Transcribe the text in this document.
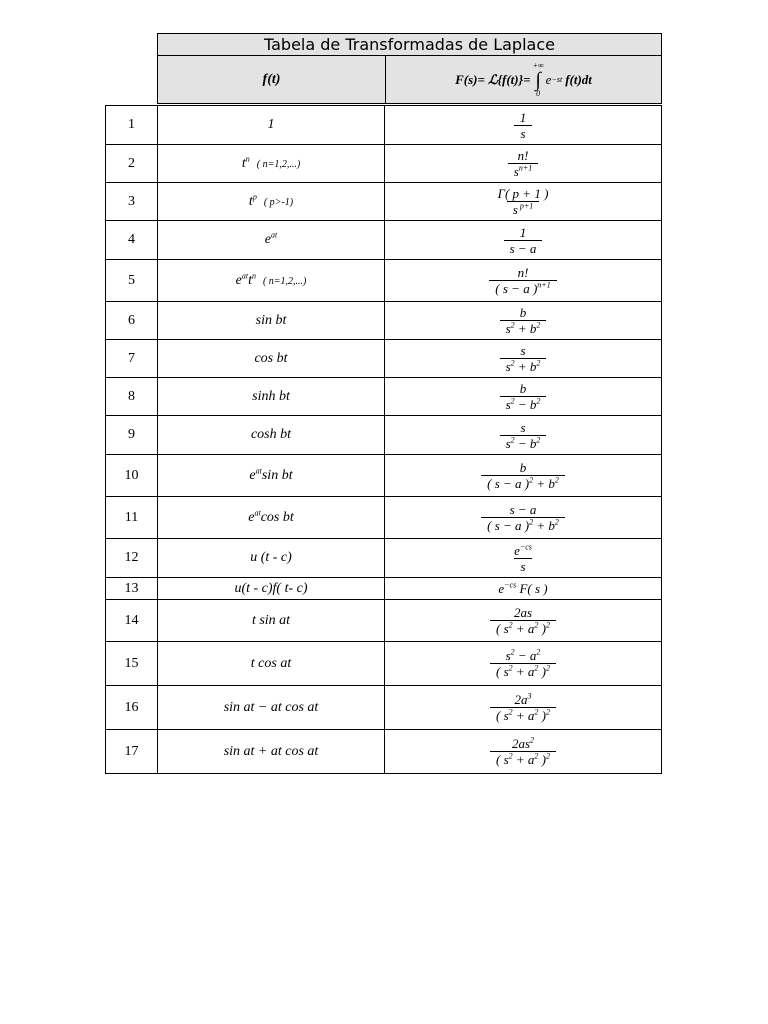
Tabela de Transformadas de Laplace
f(t)	F(s)= ℒ{f(t)}=
+∞
∫
0
e −st f(t)dt
1	1	$\frac{1}{s}$

2	$t^n$  ( n=1,2,...)	$\frac{n!}{s^{n+1}}$

3	$t^p$  ( p>-1)	$\frac{\Gamma( p + 1 )}{s ^{p+1}}$

4	$e^{at}$	$\frac{1}{s - a}$

5	$e^{at}t^n$  ( n=1,2,...)	$\frac{n!}{( s - a )^{n+1}}$

6	sin bt	$\frac{b}{s^2 + b^2}$

7	cos bt	$\frac{s}{s^2 + b^2}$

8	sinh bt	$\frac{b}{s^2 - b^2}$

9	cosh bt	$\frac{s}{s^2 - b^2}$

10	$e^{at}\sin$ bt	$\frac{b}{( s - a )^2 + b^2}$

11	$e^{at}\cos$ bt	$\frac{s - a}{( s - a )^2 + b^2}$

12	u (t - c)	$\frac{e^{-cs}}{s}$

13	u(t - c)f( t- c)	$e^{-cs}$ F( s )
14	t sin at	$\frac{2as}{( s^2 + a^2 )^2}$

15	t cos at	$\frac{s^2 - a^2}{( s^2 + a^2 )^2}$

16	sin at − at cos at	$\frac{2a^3}{( s^2 + a^2 )^2}$

17	sin at + at cos at	$\frac{2as^2}{( s^2 + a^2 )^2}$
